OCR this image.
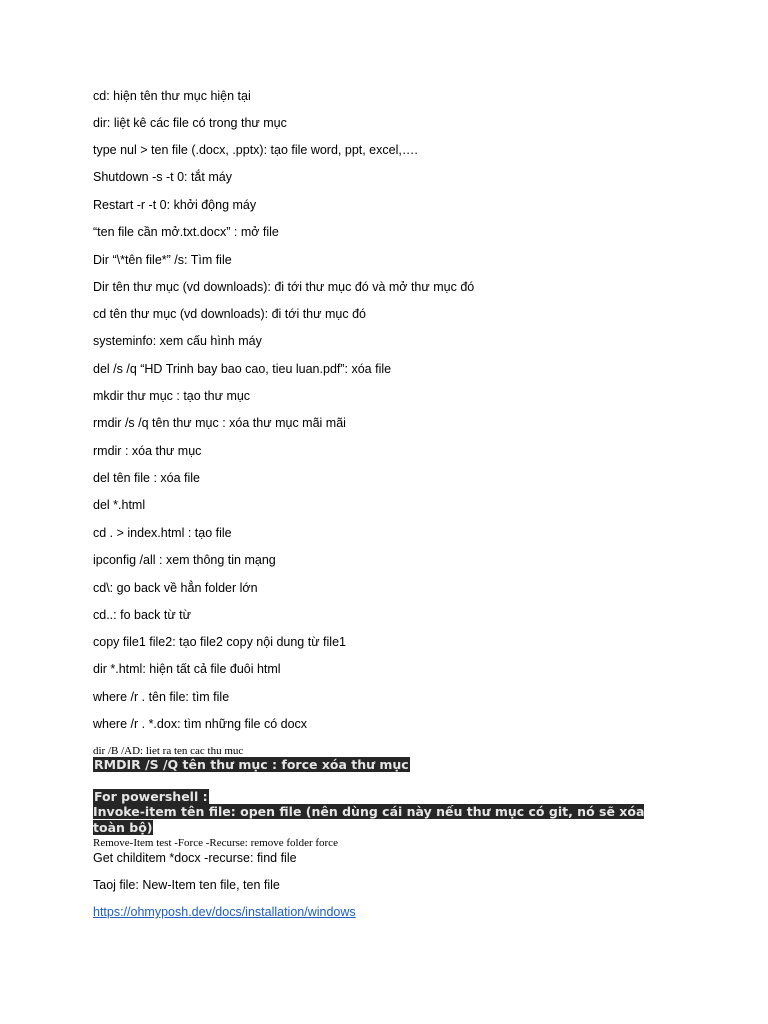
cd: hiện tên thư mục hiện tại
dir: liệt kê các file có trong thư mục
type nul > ten file (.docx, .pptx): tạo file word, ppt, excel,….
Shutdown -s -t 0: tắt máy
Restart -r -t 0: khởi động máy
“ten file cần mở.txt.docx” : mở file
Dir “\*tên file*” /s: Tìm file
Dir tên thư mục (vd downloads): đi tới thư mục đó và mở thư mục đó
cd tên thư mục (vd downloads): đi tới thư mục đó
systeminfo: xem cấu hình máy
del /s /q “HD Trinh bay bao cao, tieu luan.pdf”: xóa file
mkdir thư mục : tạo thư mục
rmdir /s /q tên thư mục : xóa thư mục mãi mãi
rmdir : xóa thư mục
del tên file : xóa file
del *.html
cd . > index.html : tạo file
ipconfig /all : xem thông tin mạng
cd\: go back về hẳn folder lớn
cd..: fo back từ từ
copy file1 file2: tạo file2 copy nội dung từ file1
dir *.html: hiện tất cả file đuôi html
where /r . tên file: tìm file
where /r . *.dox: tìm những file có docx
dir /B /AD: liet ra ten cac thu muc
RMDIR /S /Q tên thư mục : force xóa thư mục
For powershell :
Invoke-item tên file: open file (nên dùng cái này nếu thư mục có git, nó sẽ xóa toàn bộ)
Remove-Item test -Force -Recurse: remove folder force
Get childitem *docx -recurse: find file
Taoj file: New-Item ten file, ten file
https://ohmyposh.dev/docs/installation/windows
